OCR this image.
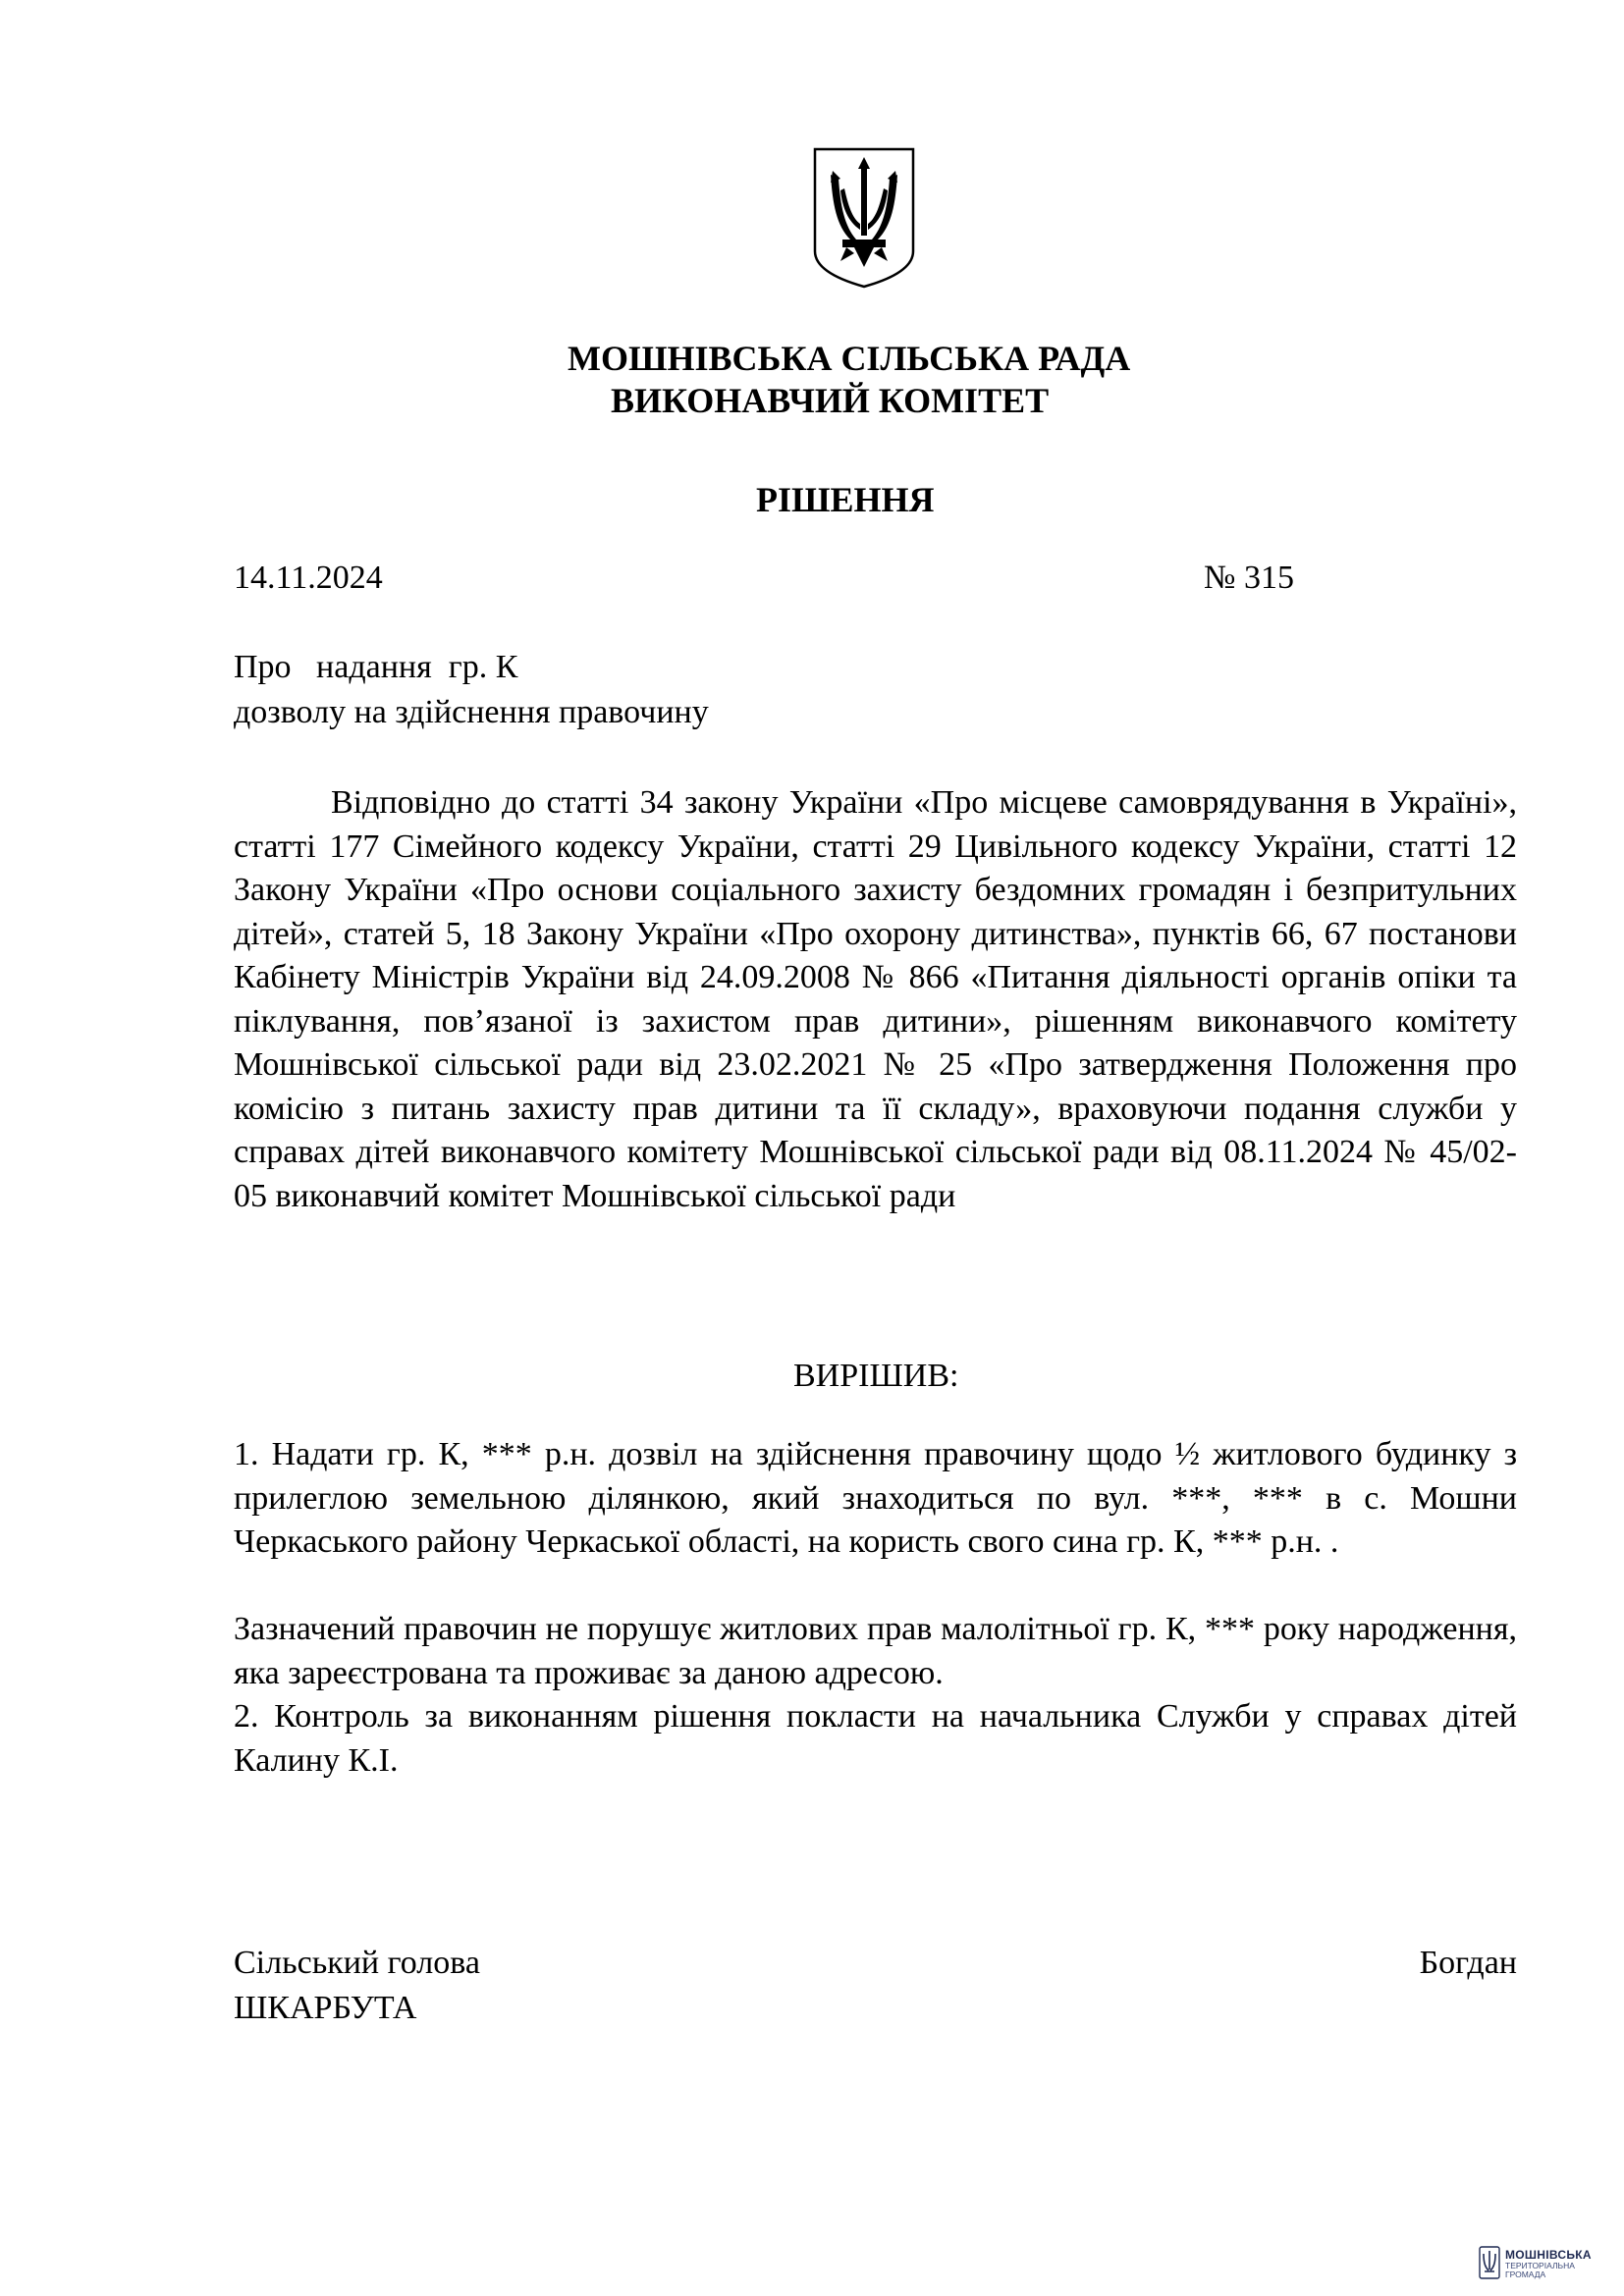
МОШНІВСЬКА СІЛЬСЬКА РАДА
ВИКОНАВЧИЙ КОМІТЕТ
РІШЕННЯ
14.11.2024	№ 315
Про   надання  гр. К
дозволу на здійснення правочину
Відповідно до статті 34 закону України «Про місцеве самоврядування в Україні», статті 177 Сімейного кодексу України, статті 29 Цивільного кодексу України, статті 12 Закону України «Про основи соціального захисту бездомних громадян і безпритульних дітей», статей 5, 18 Закону України «Про охорону дитинства», пунктів 66, 67 постанови Кабінету Міністрів України від 24.09.2008 № 866 «Питання діяльності органів опіки та піклування, пов’язаної із захистом прав дитини», рішенням виконавчого комітету Мошнівської сільської ради від 23.02.2021 № 25 «Про затвердження Положення про комісію з питань захисту прав дитини та її складу», враховуючи подання служби у справах дітей виконавчого комітету Мошнівської сільської ради від 08.11.2024 № 45/02-05 виконавчий комітет Мошнівської сільської ради
ВИРІШИВ:
1. Надати гр. К, *** р.н. дозвіл на здійснення правочину щодо ½ житлового будинку з прилеглою земельною ділянкою, який знаходиться по вул. ***, *** в с. Мошни Черкаського району Черкаської області, на користь свого сина гр. К, *** р.н. .
Зазначений правочин не порушує житлових прав малолітньої гр. К, *** року народження, яка зареєстрована та проживає за даною адресою.
2. Контроль за виконанням рішення покласти на начальника Служби у справах дітей Калину К.І.
Сільський голова	Богдан
ШКАРБУТА
МОШНІВСЬКА
ТЕРИТОРІАЛЬНА ГРОМАДА
